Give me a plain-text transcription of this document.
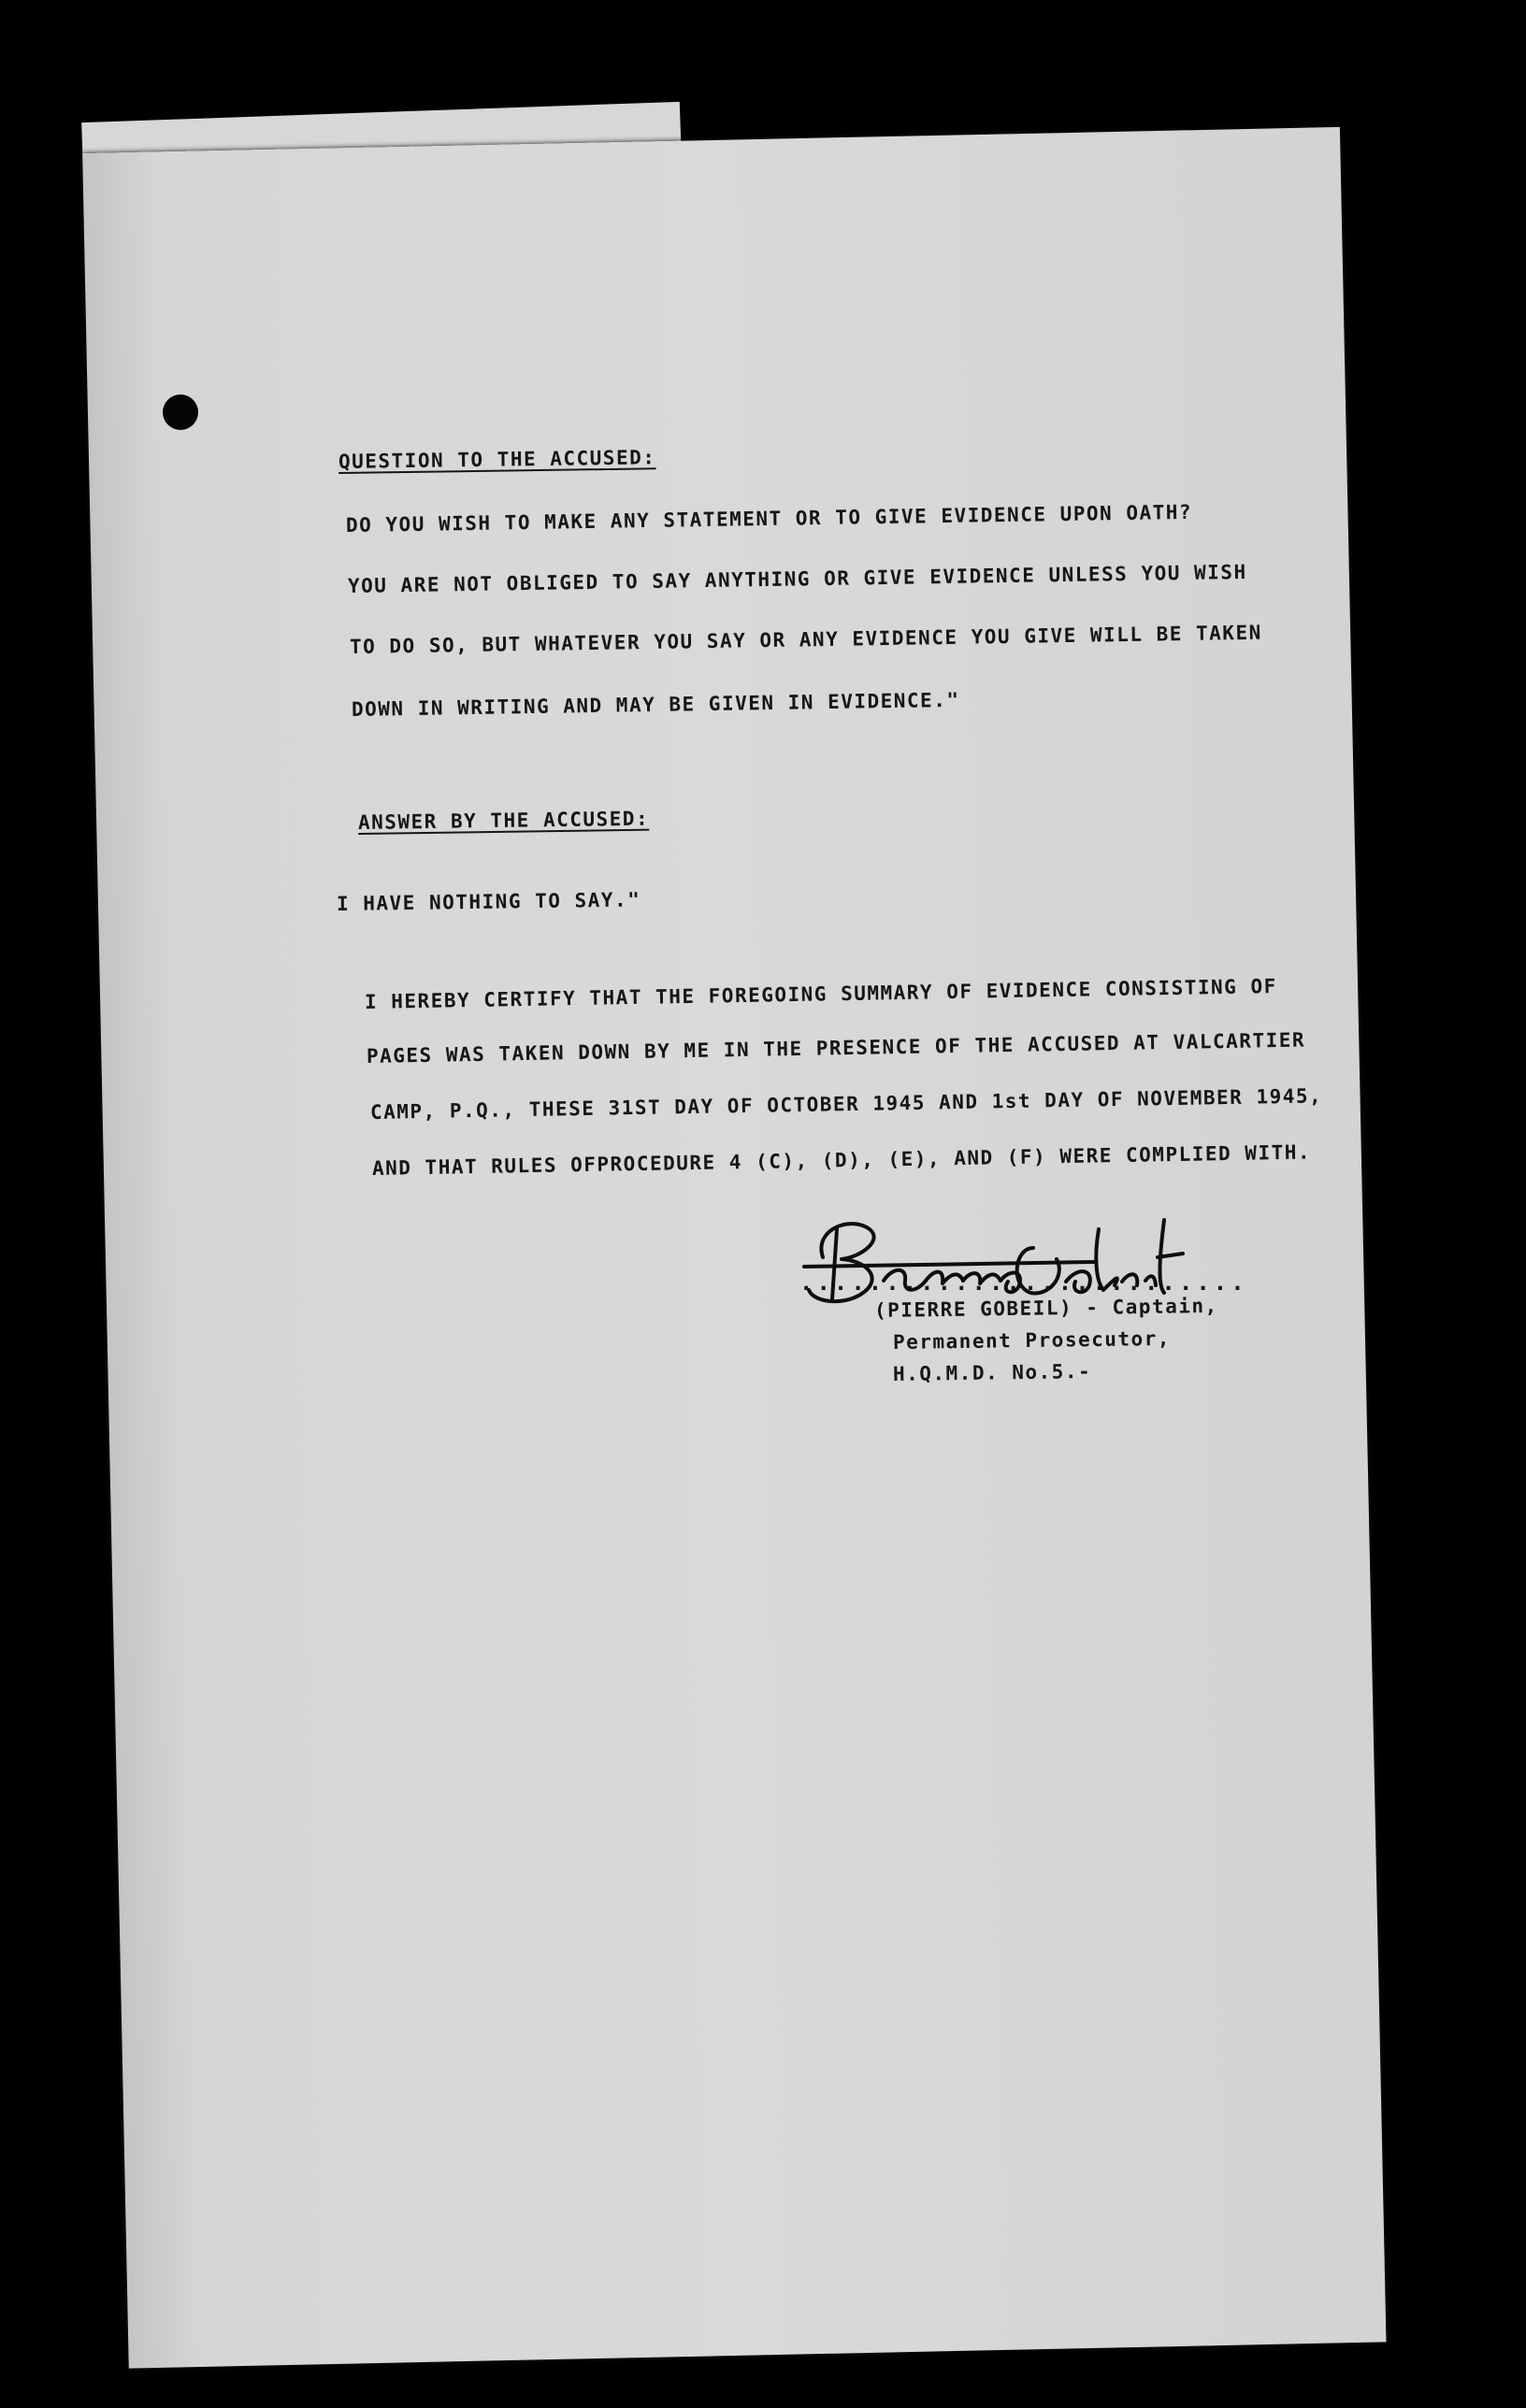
QUESTION TO THE ACCUSED:
DO YOU WISH TO MAKE ANY STATEMENT OR TO GIVE EVIDENCE UPON OATH?
YOU ARE NOT OBLIGED TO SAY ANYTHING OR GIVE EVIDENCE UNLESS YOU WISH
TO DO SO, BUT WHATEVER YOU SAY OR ANY EVIDENCE YOU GIVE WILL BE TAKEN
DOWN IN WRITING AND MAY BE GIVEN IN EVIDENCE."
ANSWER BY THE ACCUSED:
I HAVE NOTHING TO SAY."
I HEREBY CERTIFY THAT THE FOREGOING SUMMARY OF EVIDENCE CONSISTING OF
PAGES WAS TAKEN DOWN BY ME IN THE PRESENCE OF THE ACCUSED AT VALCARTIER
CAMP, P.Q., THESE 31ST DAY OF OCTOBER 1945 AND 1st DAY OF NOVEMBER 1945,
AND THAT RULES OFPROCEDURE 4 (C), (D), (E), AND (F) WERE COMPLIED WITH.
..........................
(PIERRE GOBEIL) - Captain,
Permanent Prosecutor,
H.Q.M.D. No.5.-
